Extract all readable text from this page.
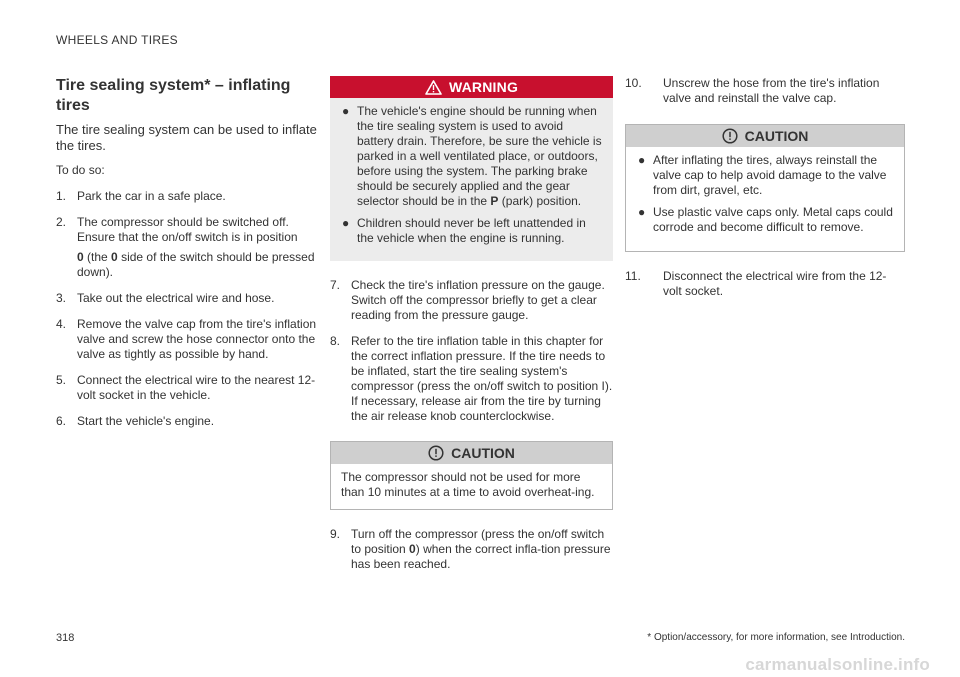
WHEELS AND TIRES
Tire sealing system* – inflating tires
The tire sealing system can be used to inflate the tires.

To do so:

1. Park the car in a safe place.
2. The compressor should be switched off. Ensure that the on/off switch is in position
0 (the 0 side of the switch should be pressed down).
3. Take out the electrical wire and hose.
4. Remove the valve cap from the tire's inflation valve and screw the hose connector onto the valve as tightly as possible by hand.
5. Connect the electrical wire to the nearest 12-volt socket in the vehicle.
6. Start the vehicle's engine.
WARNING
● The vehicle's engine should be running when the tire sealing system is used to avoid battery drain. Therefore, be sure the vehicle is parked in a well ventilated place, or outdoors, before using the system. The parking brake should be securely applied and the gear selector should be in the P (park) position.
● Children should never be left unattended in the vehicle when the engine is running.
7. Check the tire's inflation pressure on the gauge. Switch off the compressor briefly to get a clear reading from the pressure gauge.
8. Refer to the tire inflation table in this chapter for the correct inflation pressure. If the tire needs to be inflated, start the tire sealing system's compressor (press the on/off switch to position I). If necessary, release air from the tire by turning the air release knob counterclockwise.
CAUTION
The compressor should not be used for more than 10 minutes at a time to avoid overheat-ing.
9. Turn off the compressor (press the on/off switch to position 0) when the correct infla-tion pressure has been reached.
10. Unscrew the hose from the tire's inflation valve and reinstall the valve cap.
CAUTION
● After inflating the tires, always reinstall the valve cap to help avoid damage to the valve from dirt, gravel, etc.
● Use plastic valve caps only. Metal caps could corrode and become difficult to remove.
11. Disconnect the electrical wire from the 12-volt socket.
318	* Option/accessory, for more information, see Introduction.
carmanualsonline.info
